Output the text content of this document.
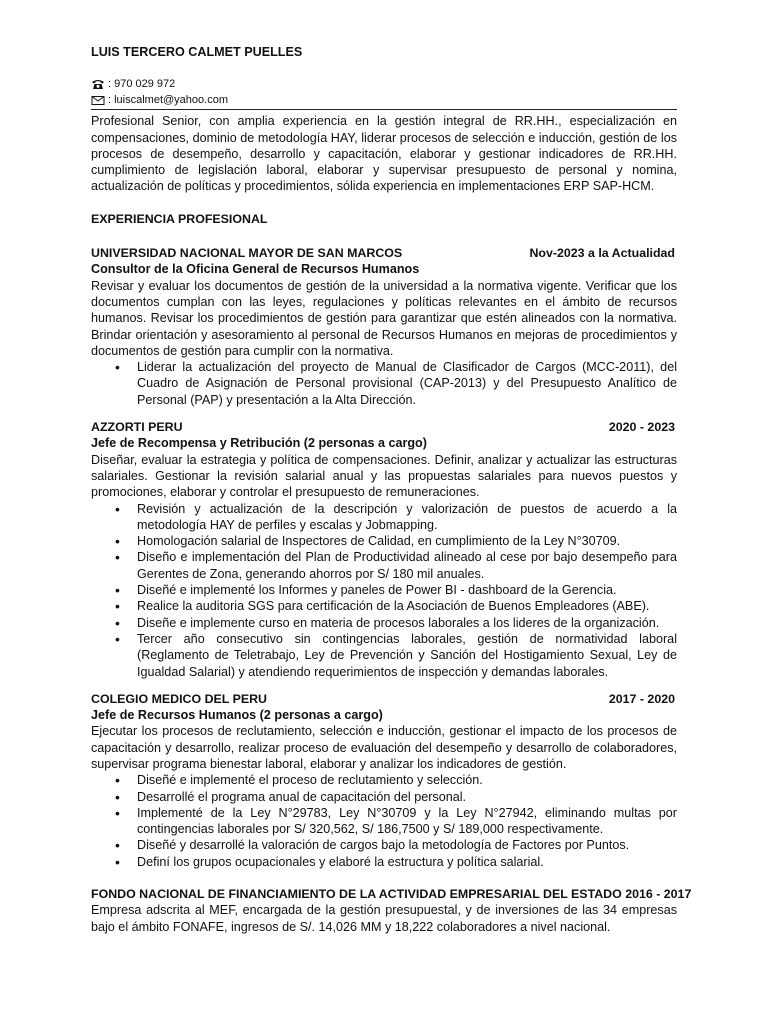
LUIS TERCERO CALMET PUELLES
: 970 029 972
: luiscalmet@yahoo.com

Profesional Senior, con amplia experiencia en la gestión integral de RR.HH., especialización en compensaciones, dominio de metodología HAY, liderar procesos de selección e inducción, gestión de los procesos de desempeño, desarrollo y capacitación, elaborar y gestionar indicadores de RR.HH. cumplimiento de legislación laboral, elaborar y supervisar presupuesto de personal y nomina, actualización de políticas y procedimientos, sólida experiencia en implementaciones ERP SAP-HCM.

EXPERIENCIA PROFESIONAL
UNIVERSIDAD NACIONAL MAYOR DE SAN MARCOS	Nov-2023 a la Actualidad
Consultor de la Oficina General de Recursos Humanos

Revisar y evaluar los documentos de gestión de la universidad a la normativa vigente. Verificar que los documentos cumplan con las leyes, regulaciones y políticas relevantes en el ámbito de recursos humanos. Revisar los procedimientos de gestión para garantizar que estén alineados con la normativa. Brindar orientación y asesoramiento al personal de Recursos Humanos en mejoras de procedimientos y documentos de gestión para cumplir con la normativa.

• Liderar la actualización del proyecto de Manual de Clasificador de Cargos (MCC-2011), del Cuadro de Asignación de Personal provisional (CAP-2013) y del Presupuesto Analítico de Personal (PAP) y presentación a la Alta Dirección.
AZZORTI PERU	2020 - 2023
Jefe de Recompensa y Retribución (2 personas a cargo)

Diseñar, evaluar la estrategia y política de compensaciones. Definir, analizar y actualizar las estructuras salariales. Gestionar la revisión salarial anual y las propuestas salariales para nuevos puestos y promociones, elaborar y controlar el presupuesto de remuneraciones.

• Revisión y actualización de la descripción y valorización de puestos de acuerdo a la metodología HAY de perfiles y escalas y Jobmapping.
• Homologación salarial de Inspectores de Calidad, en cumplimiento de la Ley N°30709.
• Diseño e implementación del Plan de Productividad alineado al cese por bajo desempeño para Gerentes de Zona, generando ahorros por S/ 180 mil anuales.
• Diseñé e implementé los Informes y paneles de Power BI - dashboard de la Gerencia.
• Realice la auditoria SGS para certificación de la Asociación de Buenos Empleadores (ABE).
• Diseñe e implemente curso en materia de procesos laborales a los lideres de la organización.
• Tercer año consecutivo sin contingencias laborales, gestión de normatividad laboral (Reglamento de Teletrabajo, Ley de Prevención y Sanción del Hostigamiento Sexual, Ley de Igualdad Salarial) y atendiendo requerimientos de inspección y demandas laborales.
COLEGIO MEDICO DEL PERU	2017 - 2020
Jefe de Recursos Humanos (2 personas a cargo)

Ejecutar los procesos de reclutamiento, selección e inducción, gestionar el impacto de los procesos de capacitación y desarrollo, realizar proceso de evaluación del desempeño y desarrollo de colaboradores, supervisar programa bienestar laboral, elaborar y analizar los indicadores de gestión.

• Diseñé e implementé el proceso de reclutamiento y selección.
• Desarrollé el programa anual de capacitación del personal.
• Implementé de la Ley N°29783, Ley N°30709 y la Ley N°27942, eliminando multas por contingencias laborales por S/ 320,562, S/ 186,7500 y S/ 189,000 respectivamente.
• Diseñé y desarrollé la valoración de cargos bajo la metodología de Factores por Puntos.
• Definí los grupos ocupacionales y elaboré la estructura y política salarial.
FONDO NACIONAL DE FINANCIAMIENTO DE LA ACTIVIDAD EMPRESARIAL DEL ESTADO 2016 - 2017

Empresa adscrita al MEF, encargada de la gestión presupuestal, y de inversiones de las 34 empresas bajo el ámbito FONAFE, ingresos de S/. 14,026 MM y 18,222 colaboradores a nivel nacional.
